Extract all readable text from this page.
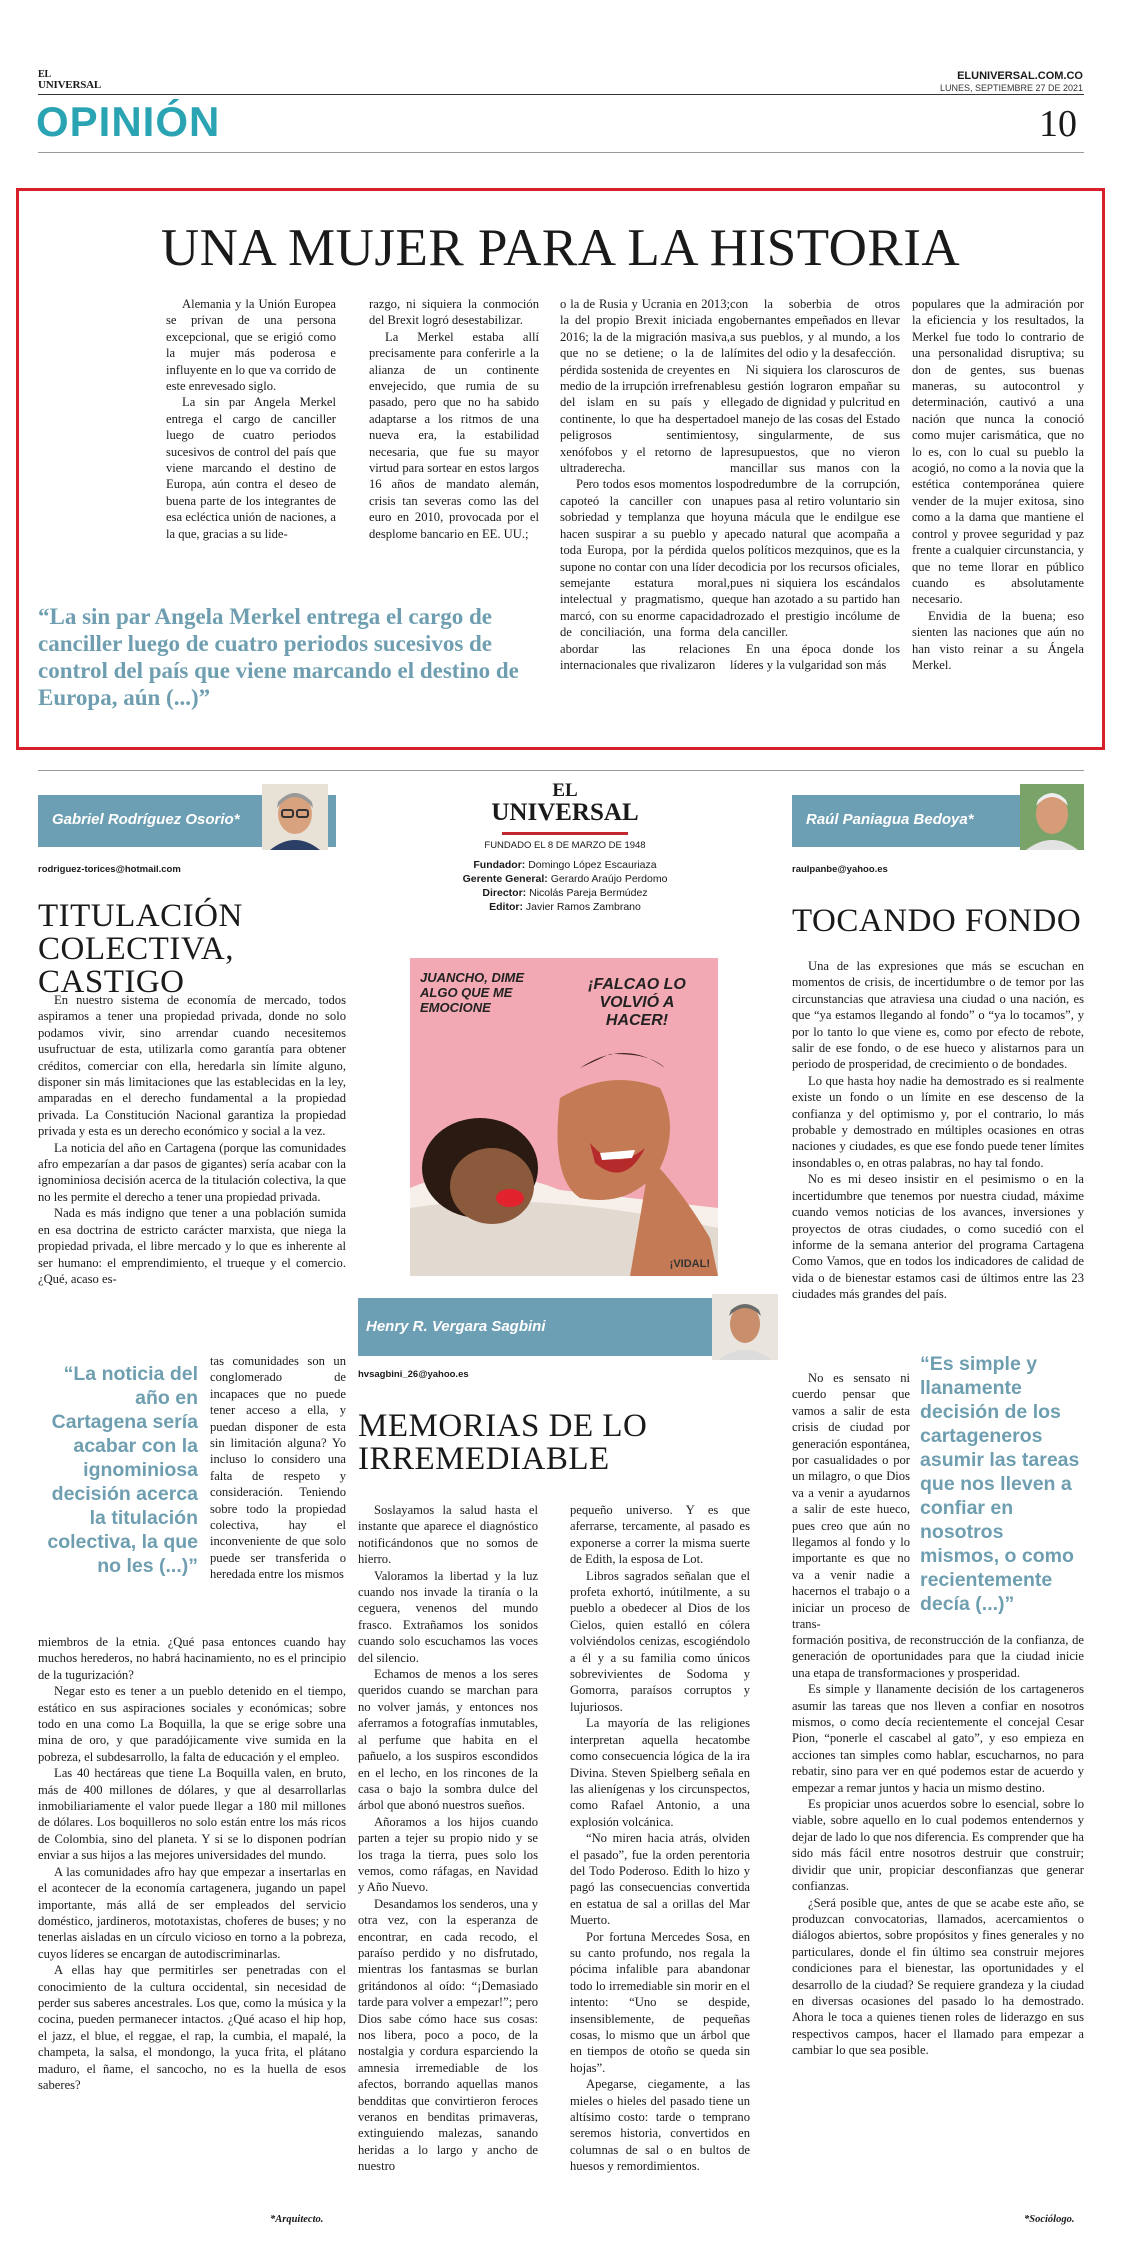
EL
UNIVERSAL
ELUNIVERSAL.COM.CO
LUNES, SEPTIEMBRE 27 DE 2021
OPINIÓN	10
UNA MUJER PARA LA HISTORIA

Alemania y la Unión Europea se privan de una persona excepcional, que se erigió como la mujer más poderosa e influyente en lo que va corrido de este enrevesado siglo.

La sin par Angela Merkel entrega el cargo de canciller luego de cuatro periodos sucesivos de control del país que viene marcando el destino de Europa, aún contra el deseo de buena parte de los integrantes de esa ecléctica unión de naciones, a la que, gracias a su lide-

razgo, ni siquiera la conmoción del Brexit logró desestabilizar.

La Merkel estaba allí precisamente para conferirle a la alianza de un continente envejecido, que rumia de su pasado, pero que no ha sabido adaptarse a los ritmos de una nueva era, la estabilidad necesaria, que fue su mayor virtud para sortear en estos largos 16 años de mandato alemán, crisis tan severas como las del euro en 2010, provocada por el desplome bancario en EE. UU.;

o la de Rusia y Ucrania en 2013; la del propio Brexit iniciada en 2016; la de la migración masiva, que no se detiene; o la de la pérdida sostenida de creyentes en medio de la irrupción irrefrenable del islam en su país y el continente, lo que ha despertado peligrosos sentimientos xenófobos y el retorno de la ultraderecha.

Pero todos esos momentos los capoteó la canciller con una sobriedad y templanza que hoy hacen suspirar a su pueblo y a toda Europa, por la pérdida que supone no contar con una líder de semejante estatura moral, intelectual y pragmatismo, que marcó, con su enorme capacidad de conciliación, una forma de abordar las relaciones internacionales que rivalizaron

con la soberbia de otros gobernantes empeñados en llevar a sus pueblos, y al mundo, a los límites del odio y la desafección.

Ni siquiera los claroscuros de su gestión lograron empañar su legado de dignidad y pulcritud en el manejo de las cosas del Estado y, singularmente, de sus presupuestos, que no vieron mancillar sus manos con la podredumbre de la corrupción, pues pasa al retiro voluntario sin una mácula que le endilgue ese pecado natural que acompaña a los políticos mezquinos, que es la codicia por los recursos oficiales, pues ni siquiera los escándalos que han azotado a su partido han rozado el prestigio incólume de la canciller.

En una época donde los líderes y la vulgaridad son más

populares que la admiración por la eficiencia y los resultados, la Merkel fue todo lo contrario de una personalidad disruptiva; su don de gentes, sus buenas maneras, su autocontrol y determinación, cautivó a una nación que nunca la conoció como mujer carismática, que no lo es, con lo cual su pueblo la acogió, no como a la novia que la estética contemporánea quiere vender de la mujer exitosa, sino como a la dama que mantiene el control y provee seguridad y paz frente a cualquier circunstancia, y que no teme llorar en público cuando es absolutamente necesario.

Envidia de la buena; eso sienten las naciones que aún no han visto reinar a su Ángela Merkel.

“La sin par Angela Merkel entrega el cargo de canciller luego de cuatro periodos sucesivos de control del país que viene marcando el destino de Europa, aún (...)”
Gabriel Rodríguez Osorio*
rodriguez-torices@hotmail.com
TITULACIÓN
COLECTIVA, CASTIGO

En nuestro sistema de economía de mercado, todos aspiramos a tener una propiedad privada, donde no solo podamos vivir, sino arrendar cuando necesitemos usufructuar de esta, utilizarla como garantía para obtener créditos, comerciar con ella, heredarla sin límite alguno, disponer sin más limitaciones que las establecidas en la ley, amparadas en el derecho fundamental a la propiedad privada. La Constitución Nacional garantiza la propiedad privada y esta es un derecho económico y social a la vez.

La noticia del año en Cartagena (porque las comunidades afro empezarían a dar pasos de gigantes) sería acabar con la ignominiosa decisión acerca de la titulación colectiva, la que no les permite el derecho a tener una propiedad privada.

Nada es más indigno que tener a una población sumida en esa doctrina de estricto carácter marxista, que niega la propiedad privada, el libre mercado y lo que es inherente al ser humano: el emprendimiento, el trueque y el comercio. ¿Qué, acaso es-

“La noticia del año en Cartagena sería acabar con la ignominiosa decisión acerca la titulación colectiva, la que no les (...)”
tas comunidades son un conglomerado de incapaces que no puede tener acceso a ella, y puedan disponer de esta sin limitación alguna? Yo incluso lo considero una falta de respeto y consideración. Teniendo sobre todo la propiedad colectiva, hay el inconveniente de que solo puede ser transferida o heredada entre los mismos

miembros de la etnia. ¿Qué pasa entonces cuando hay muchos herederos, no habrá hacinamiento, no es el principio de la tugurización?

Negar esto es tener a un pueblo detenido en el tiempo, estático en sus aspiraciones sociales y económicas; sobre todo en una como La Boquilla, la que se erige sobre una mina de oro, y que paradójicamente vive sumida en la pobreza, el subdesarrollo, la falta de educación y el empleo.

Las 40 hectáreas que tiene La Boquilla valen, en bruto, más de 400 millones de dólares, y que al desarrollarlas inmobiliariamente el valor puede llegar a 180 mil millones de dólares. Los boquilleros no solo están entre los más ricos de Colombia, sino del planeta. Y si se lo disponen podrían enviar a sus hijos a las mejores universidades del mundo.

A las comunidades afro hay que empezar a insertarlas en el acontecer de la economía cartagenera, jugando un papel importante, más allá de ser empleados del servicio doméstico, jardineros, mototaxistas, choferes de buses; y no tenerlas aisladas en un círculo vicioso en torno a la pobreza, cuyos líderes se encargan de autodiscriminarlas.

A ellas hay que permitirles ser penetradas con el conocimiento de la cultura occidental, sin necesidad de perder sus saberes ancestrales. Los que, como la música y la cocina, pueden permanecer intactos. ¿Qué acaso el hip hop, el jazz, el blue, el reggae, el rap, la cumbia, el mapalé, la champeta, la salsa, el mondongo, la yuca frita, el plátano maduro, el ñame, el sancocho, no es la huella de esos saberes?

*Arquitecto.
EL
UNIVERSAL
FUNDADO EL 8 DE MARZO DE 1948
Fundador: Domingo López Escauriaza
Gerente General: Gerardo Araújo Perdomo
Director: Nicolás Pareja Bermúdez
Editor: Javier Ramos Zambrano
JUANCHO, DIME ALGO QUE ME EMOCIONE
¡FALCAO LO VOLVIÓ A HACER!
¡VIDAL!
Henry R. Vergara Sagbini
hvsagbini_26@yahoo.es
MEMORIAS DE LO
IRREMEDIABLE

Soslayamos la salud hasta el instante que aparece el diagnóstico notificándonos que no somos de hierro.

Valoramos la libertad y la luz cuando nos invade la tiranía o la ceguera, venenos del mundo frasco. Extrañamos los sonidos cuando solo escuchamos las voces del silencio.

Echamos de menos a los seres queridos cuando se marchan para no volver jamás, y entonces nos aferramos a fotografías inmutables, al perfume que habita en el pañuelo, a los suspiros escondidos en el lecho, en los rincones de la casa o bajo la sombra dulce del árbol que abonó nuestros sueños.

Añoramos a los hijos cuando parten a tejer su propio nido y se los traga la tierra, pues solo los vemos, como ráfagas, en Navidad y Año Nuevo.

Desandamos los senderos, una y otra vez, con la esperanza de encontrar, en cada recodo, el paraíso perdido y no disfrutado, mientras los fantasmas se burlan gritándonos al oído: “¡Demasiado tarde para volver a empezar!”; pero Dios sabe cómo hace sus cosas: nos libera, poco a poco, de la nostalgia y cordura esparciendo la amnesia irremediable de los afectos, borrando aquellas manos bendditas que convirtieron feroces veranos en benditas primaveras, extinguiendo malezas, sanando heridas a lo largo y ancho de nuestro

pequeño universo. Y es que aferrarse, tercamente, al pasado es exponerse a correr la misma suerte de Edith, la esposa de Lot.

Libros sagrados señalan que el profeta exhortó, inútilmente, a su pueblo a obedecer al Dios de los Cielos, quien estalló en cólera volviéndolos cenizas, escogiéndolo a él y a su familia como únicos sobrevivientes de Sodoma y Gomorra, paraísos corruptos y lujuriosos.

La mayoría de las religiones interpretan aquella hecatombe como consecuencia lógica de la ira Divina. Steven Spielberg señala en las alienígenas y los circunspectos, como Rafael Antonio, a una explosión volcánica.

“No miren hacia atrás, olviden el pasado”, fue la orden perentoria del Todo Poderoso. Edith lo hizo y pagó las consecuencias convertida en estatua de sal a orillas del Mar Muerto.

Por fortuna Mercedes Sosa, en su canto profundo, nos regala la pócima infalible para abandonar todo lo irremediable sin morir en el intento: “Uno se despide, insensiblemente, de pequeñas cosas, lo mismo que un árbol que en tiempos de otoño se queda sin hojas”.

Apegarse, ciegamente, a las mieles o hieles del pasado tiene un altísimo costo: tarde o temprano seremos historia, convertidos en columnas de sal o en bultos de huesos y remordimientos.

Raúl Paniagua Bedoya*
raulpanbe@yahoo.es
TOCANDO FONDO

Una de las expresiones que más se escuchan en momentos de crisis, de incertidumbre o de temor por las circunstancias que atraviesa una ciudad o una nación, es que “ya estamos llegando al fondo” o “ya lo tocamos”, y por lo tanto lo que viene es, como por efecto de rebote, salir de ese fondo, o de ese hueco y alistarnos para un periodo de prosperidad, de crecimiento o de bondades.

Lo que hasta hoy nadie ha demostrado es si realmente existe un fondo o un límite en ese descenso de la confianza y del optimismo y, por el contrario, lo más probable y demostrado en múltiples ocasiones en otras naciones y ciudades, es que ese fondo puede tener límites insondables o, en otras palabras, no hay tal fondo.

No es mi deseo insistir en el pesimismo o en la incertidumbre que tenemos por nuestra ciudad, máxime cuando vemos noticias de los avances, inversiones y proyectos de otras ciudades, o como sucedió con el informe de la semana anterior del programa Cartagena Como Vamos, que en todos los indicadores de calidad de vida o de bienestar estamos casi de últimos entre las 23 ciudades más grandes del país.

No es sensato ni cuerdo pensar que vamos a salir de esta crisis de ciudad por generación espontánea, por casualidades o por un milagro, o que Dios va a venir a ayudarnos a salir de este hueco, pues creo que aún no llegamos al fondo y lo importante es que no va a venir nadie a hacernos el trabajo o a iniciar un proceso de trans-

“Es simple y llanamente decisión de los cartageneros asumir las tareas que nos lleven a confiar en nosotros mismos, o como recientemente decía (...)”

formación positiva, de reconstrucción de la confianza, de generación de oportunidades para que la ciudad inicie una etapa de transformaciones y prosperidad.

Es simple y llanamente decisión de los cartageneros asumir las tareas que nos lleven a confiar en nosotros mismos, o como decía recientemente el concejal Cesar Pion, “ponerle el cascabel al gato”, y eso empieza en acciones tan simples como hablar, escucharnos, no para rebatir, sino para ver en qué podemos estar de acuerdo y empezar a remar juntos y hacia un mismo destino.

Es propiciar unos acuerdos sobre lo esencial, sobre lo viable, sobre aquello en lo cual podemos entendernos y dejar de lado lo que nos diferencia. Es comprender que ha sido más fácil entre nosotros destruir que construir; dividir que unir, propiciar desconfianzas que generar confianzas.

¿Será posible que, antes de que se acabe este año, se produzcan convocatorias, llamados, acercamientos o diálogos abiertos, sobre propósitos y fines generales y no particulares, donde el fin último sea construir mejores condiciones para el bienestar, las oportunidades y el desarrollo de la ciudad? Se requiere grandeza y la ciudad en diversas ocasiones del pasado lo ha demostrado. Ahora le toca a quienes tienen roles de liderazgo en sus respectivos campos, hacer el llamado para empezar a cambiar lo que sea posible.

*Sociólogo.
